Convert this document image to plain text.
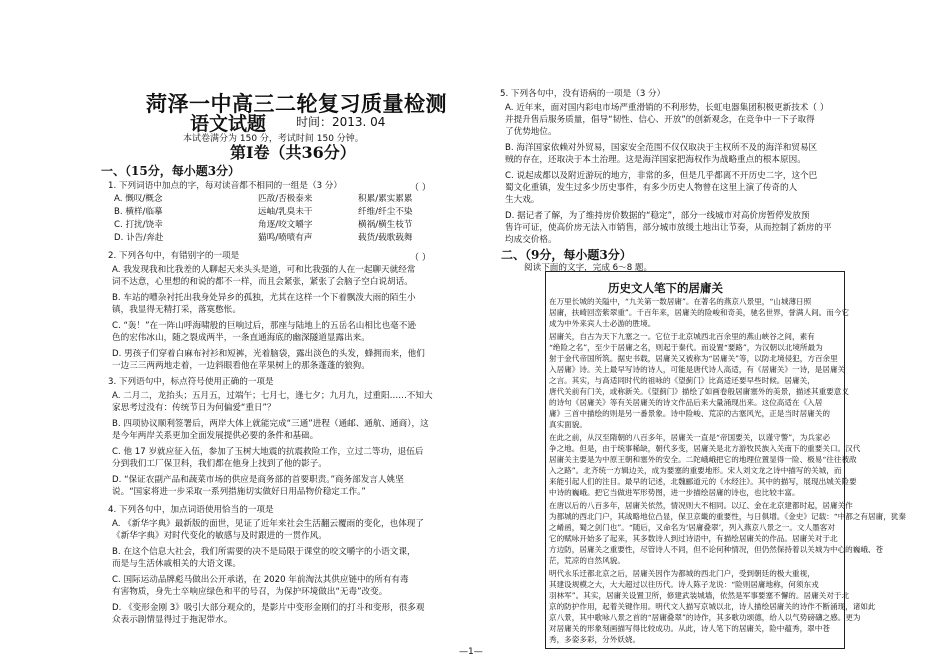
菏泽一中高三二轮复习质量检测
语文试题 时间：2013. 04
本试卷满分为 150 分，考试时间 150 分钟。
第Ⅰ卷（共36分）
一、（15分，每小题3分）
1. 下列词语中加点的字，每对读音都不相同的一组是（3 分）	（ ）
A. 慨叹/概念	匹敌/否极泰来	积累/累实累累
B. 横样/临摹	远岫/乳臭未干	纤维/纤尘不染
C. 打扰/饶幸	角逐/咬文嚼字	横祸/横生枝节
D. 讣告/奔赴	猫鸣/喷啧有声	载货/载歌载舞
2. 下列各句中，有错别字的一项是	（ ）
A. 我发现我和比我差的人聊起天来头头是道，可和比我强的人在一起聊天就经常
词不达意，心里想的和说的都不一样，而且会紧张，紧张了会脑子空白说胡话。
B. 车站的嘈杂衬托出我身处异乡的孤独，尤其在这样一个下着飘泼大雨的陌生小
镇，我显得无精打采，落寞憋怅。
C. “轰！”在一阵山呼海啸般的巨响过后，那座与陆地上的五岳名山相比也毫不逊
色的宏伟冰山，随之裂成两半，一条直通海底的幽深隧道显露出来。
D. 男孩子们穿着白麻布衬衫和短裤，光着脑袋，露出淡色的头发，蜂拥而来，他们
一边三三两两地走着，一边斜眼看他在苹果树上的那条蓬蓬的狼狗。
3. 下列语句中，标点符号使用正确的一项是
A. 二月二，龙抬头；五月五，过端午；七月七，逢七夕；九月九，过重阳……不知大
家思考过没有：传统节日为何偏爱“重日”？
B. 四项协议顺利签署后，两岸大体上就能完成“三通”进程（通邮、通航、通商），这
是今年两岸关系更加全面发展提供必要的条件和基础。
C. 他 17 岁就应征入伍，参加了玉树大地震的抗震救险工作，立过二等功，退伍后
分到我们工厂保卫科，我们都在他身上找到了他的影子。
D. “保证农副产品和蔬菜市场的供应是商务部的首要职责。”商务部发言人姚坚
说。“国家将进一步采取一系列措施切实做好日用品物价稳定工作。”
4. 下列各句中，加点词语使用恰当的一项是
A. 《新华字典》最新版的面世，见证了近年来社会生活翻云覆雨的变化，也体现了
《新华字典》对时代变化的敏感与及时跟进的一贯作风。
B. 在这个信息大社会，我们所需要的决不是局限于课堂的咬文嚼字的小语文课，
而是与生活休戚相关的大语文课。
C. 国际运动品牌彪马做出公开承诺，在 2020 年前淘汰其供应链中的所有有毒
有害物质，身先士卒响应绿色和平的号召，为保护环境做出“无毒”改变。
D. 《变形金刚 3》吸引大部分观众的，是影片中变形金刚们的打斗和变形，很多观
众表示剧情显得过于拖泥带水。
5. 下列各句中，没有语病的一项是（3 分）
（ ）
A. 近年来，面对国内彩电市场严重滑销的不利形势，长虹电器集团积极更新技术
并提升售后服务质量，倡导“韧性、信心、开放”的创新观念，在竞争中一下子取得
了优势地位。
B. 海洋国家依赖对外贸易，国家安全范围不仅仅取决于主权所不及的海洋和贸易区
贼的存在，还取决于本土治理。这是海洋国家把海权作为战略重点的根本原因。
C. 说起成都以及附近游玩的地方，非常的多，但是几乎都离不开历史二字，这个巴
蜀文化重镇，发生过多少历史事件，有多少历史人物曾在这里上演了传奇的人
生大戏。
D. 据记者了解，为了维持房价数据的“稳定”，部分一线城市对高价房暂停发放预
售许可证，使高价房无法入市销售，部分城市放缓土地出让节奏，从而控制了新房的平
均成交价格。
二、（9分，每小题3分）
阅读下面的文字，完成 6～8 题。
历史文人笔下的居庸关
在万里长城的关隘中，“九关第一数居庸”。在著名的燕京八景里，“山城薄日照
居庸，扶崎回峦紫翠重”。千百年来，居庸关的险峻和奇美，驰名世界，誉满人间。而今它
成为中外来宾人士必游的胜境。
居庸关，自古为天下九塞之一。它位于北京城西北百余里的燕山峡谷之间，素有
“绝险之名”，至少于居庸之名，则起于秦代。而设置“要路”，为汉朝以北境所最为
射于金代帝国所筑。据史书载，居庸关又被称为“居庸关”等，以防北境侵犯，方百余里
入居庸》诗。关上最早写诗的诗人，可能是唐代诗人高适，有《居庸关》一诗，是居庸关
之言。其实，与高适同时代的祖咏的《望蓟门》比高适还要早些时候。居庸关，
唐代关前有门关，或称新关。《望蓟门》描绘了如画卷般居庸塞外的美景，描述其重要意义
的诗句《居庸关》等有关居庸关的诗文作品后来大量涌现出来。这位高适在《入居
庸》三首中描绘的则是另一番景象。诗中险峻、荒凉的古塞风光，正是当时居庸关的
真实面貌。
在此之前，从汉至隋朝的八百多年，居庸关一直是“帝国要关，以谨守警”，为兵家必
争之地。但是，由于统事稀缺，朝代多变，居庸关是北方游牧民族入关南下的重要关口。汉代
居庸关主要是为中原王朝和塞外的安全。二陀峨峨把它的地理位置显得一险、极易“往往被敌
入之路”。北齐统一方辑边关，成为要塞的重要地形。宋人刘文龙之诗中描写的关城，而
来能引起人们的注目。最早的记述，北魏郦道元的《水经注》。其中的描写，展现出城关险要
中诗的巍峨。把它当做进军形势图，进一步描绘居庸的诗也，也比较丰富。
在唐以后的八百多年，居庸关依然，情况则大不相同。以辽、金在北京建都时起，居庸关作
为都城的西北门户，其战略地位凸显，保卫京畿的重要性，与日俱增。《金史》记载：“中都之有居庸，犹秦
之崤函，蜀之剑门也”。“随后，又命名为‘居庸叠翠’，列入燕京八景之一。文人墨客对
它的赋咏开始多了起来，其多数诗人到过诗语中，有描绘居庸关的作品。居庸关对于北
方边防，居庸关之重要性，尽管诗人不同，但不论何种情况，但仍然保持着以关城为中心的巍峨、苍
茫，荒凉的自然风貌。
明代永乐迁都北京之后，居庸关因作为都城的西北门户，受到朝廷的极大重视，
其建设规模之大，大大超过以往历代。诗人陈子龙说：“险则居庸地称，何须东戎
羽林军”。其实，居庸关设置卫所，修建武装城墙，依然是军事要塞不懈的。居庸关对于北
京的防护作用，起着关键作用。明代文人描写京城以北，诗人描绘居庸关的诗作不断涌现，诸如此
京八景，其中歌咏八景之首的“居庸叠翠”的诗作，其多歌功颂德，给人以气势磅礴之感。更为
对居庸关的形象刻画描写得比较成功。从此，诗人笔下的居庸关，险中蕴秀，翠中苍
秀，多姿多彩，分外妖娆。
—1—
